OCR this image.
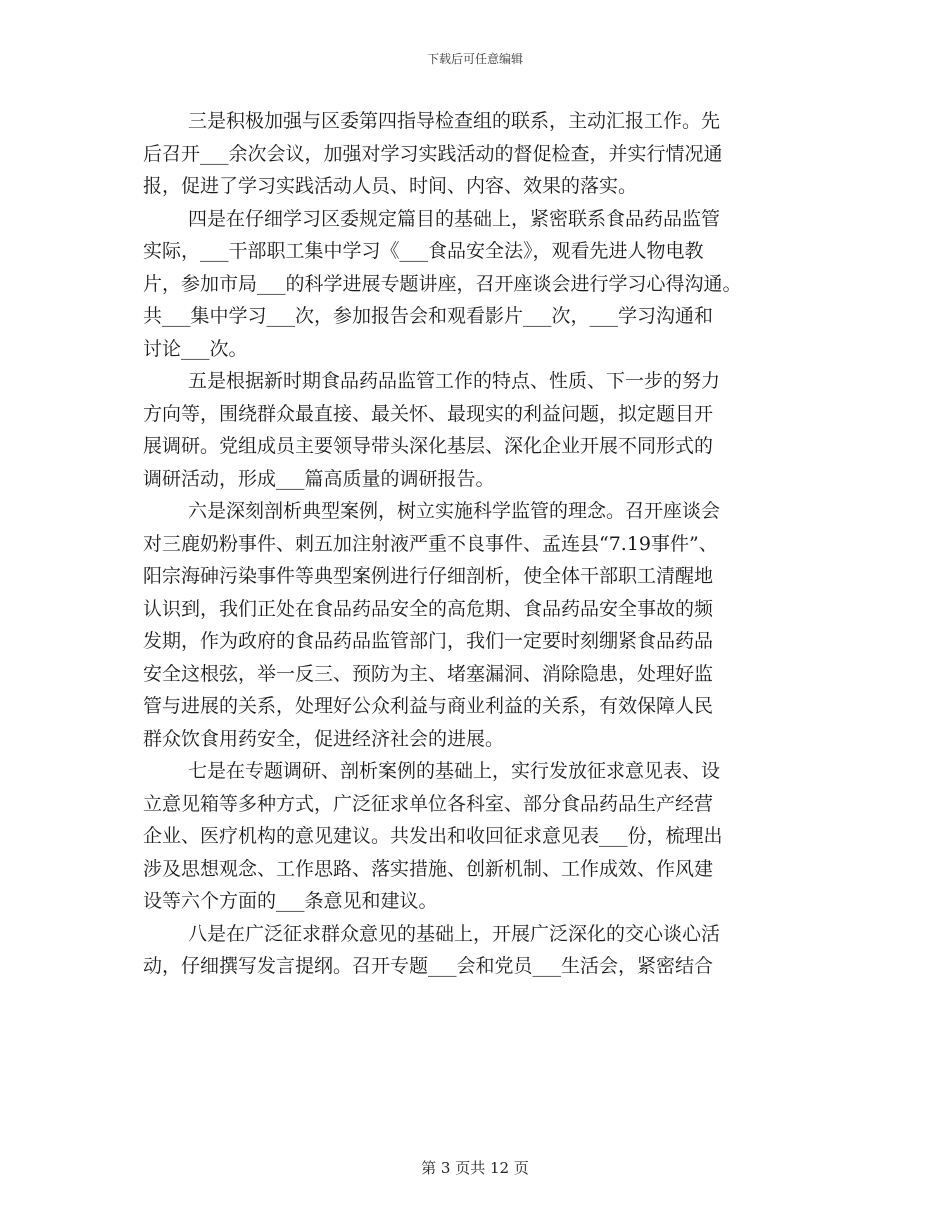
下载后可任意编辑

三是积极加强与区委第四指导检查组的联系，主动汇报工作。先
后召开___余次会议，加强对学习实践活动的督促检查，并实行情况通
报，促进了学习实践活动人员、时间、内容、效果的落实。

四是在仔细学习区委规定篇目的基础上，紧密联系食品药品监管
实际，___干部职工集中学习《___食品安全法》，观看先进人物电教
片，参加市局___的科学进展专题讲座，召开座谈会进行学习心得沟通。
共___集中学习___次，参加报告会和观看影片___次，___学习沟通和
讨论___次。

五是根据新时期食品药品监管工作的特点、性质、下一步的努力
方向等，围绕群众最直接、最关怀、最现实的利益问题，拟定题目开
展调研。党组成员主要领导带头深化基层、深化企业开展不同形式的
调研活动，形成___篇高质量的调研报告。

六是深刻剖析典型案例，树立实施科学监管的理念。召开座谈会
对三鹿奶粉事件、刺五加注射液严重不良事件、孟连县“7.19事件”、
阳宗海砷污染事件等典型案例进行仔细剖析，使全体干部职工清醒地
认识到，我们正处在食品药品安全的高危期、食品药品安全事故的频
发期，作为政府的食品药品监管部门，我们一定要时刻绷紧食品药品
安全这根弦，举一反三、预防为主、堵塞漏洞、消除隐患，处理好监
管与进展的关系，处理好公众利益与商业利益的关系，有效保障人民
群众饮食用药安全，促进经济社会的进展。

七是在专题调研、剖析案例的基础上，实行发放征求意见表、设
立意见箱等多种方式，广泛征求单位各科室、部分食品药品生产经营
企业、医疗机构的意见建议。共发出和收回征求意见表___份，梳理出
涉及思想观念、工作思路、落实措施、创新机制、工作成效、作风建
设等六个方面的___条意见和建议。

八是在广泛征求群众意见的基础上，开展广泛深化的交心谈心活
动，仔细撰写发言提纲。召开专题___会和党员___生活会，紧密结合

第 3 页共 12 页
